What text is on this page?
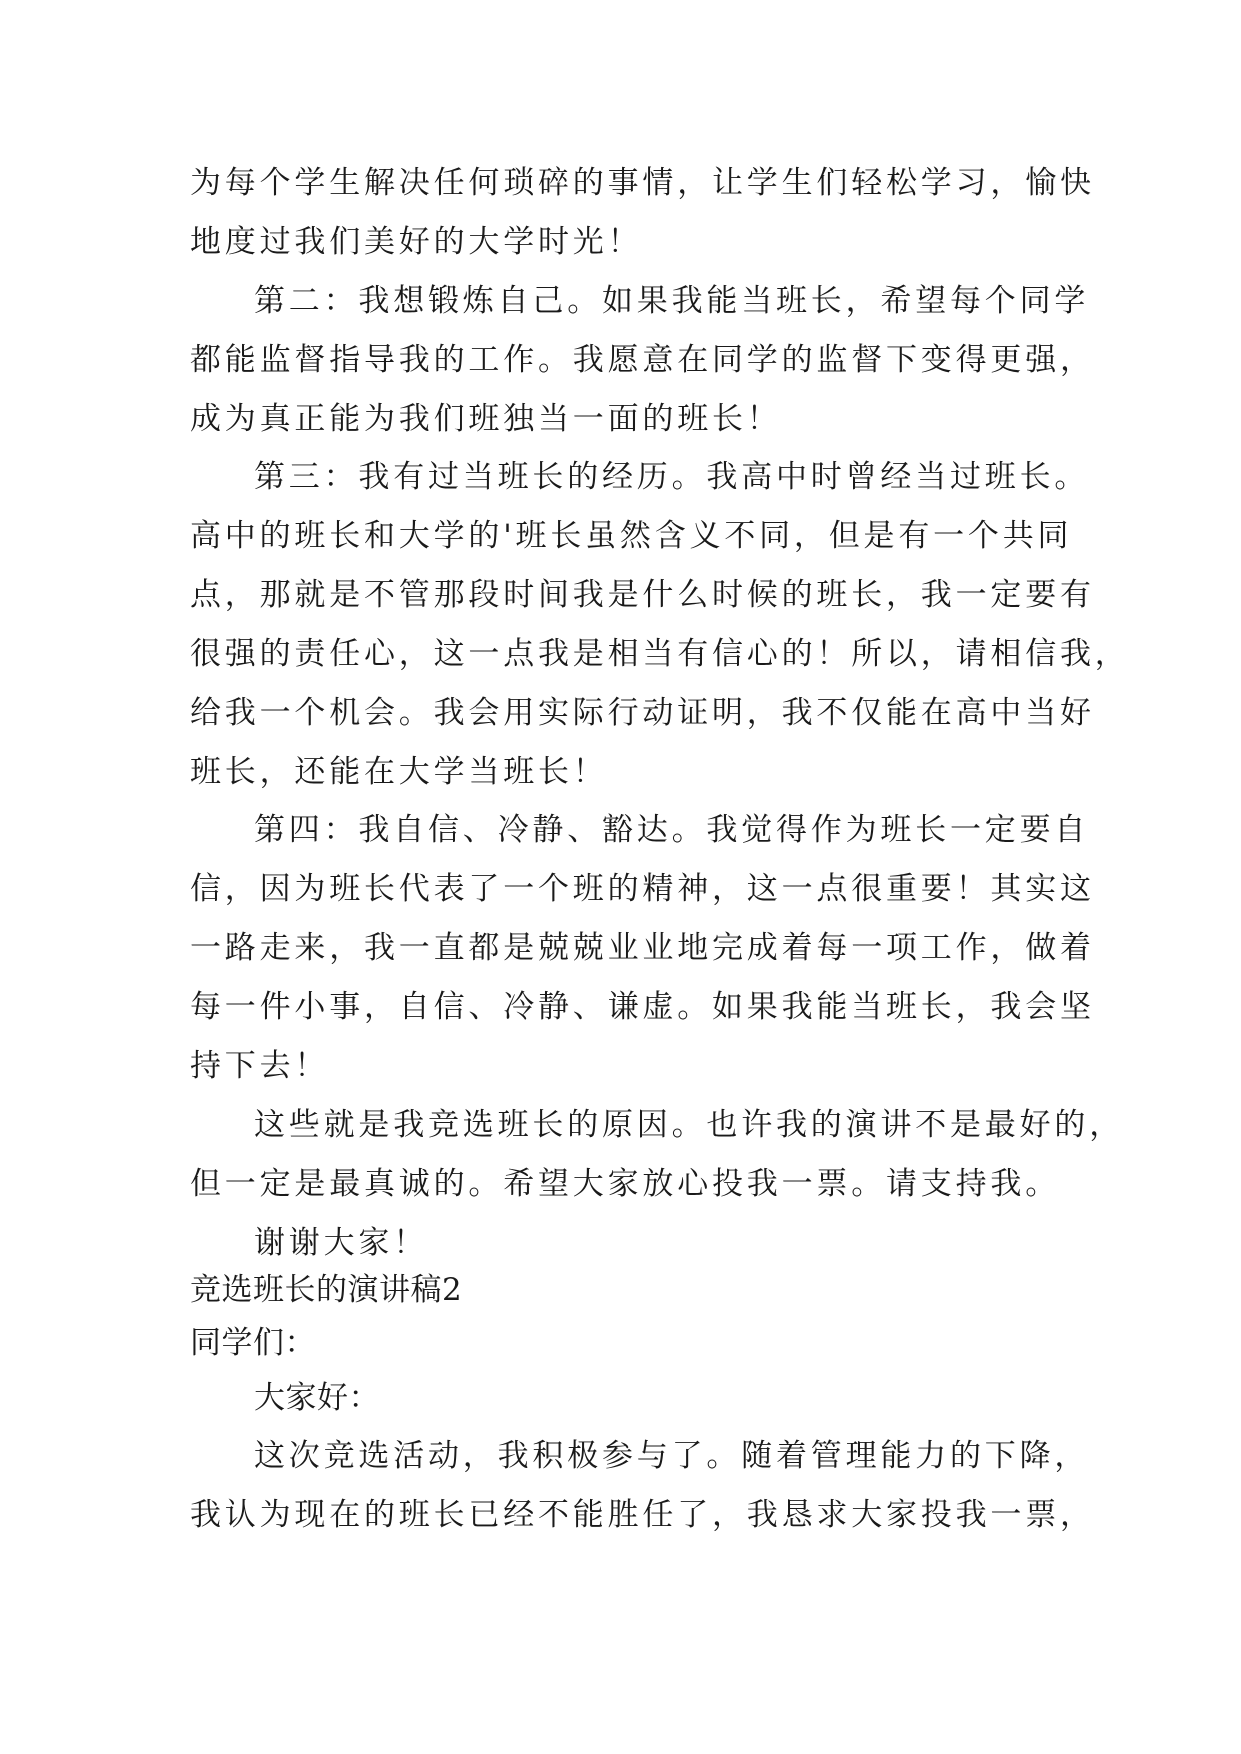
为每个学生解决任何琐碎的事情，让学生们轻松学习，愉快

地度过我们美好的大学时光！

第二：我想锻炼自己。如果我能当班长，希望每个同学

都能监督指导我的工作。我愿意在同学的监督下变得更强，

成为真正能为我们班独当一面的班长！

第三：我有过当班长的经历。我高中时曾经当过班长。

高中的班长和大学的'班长虽然含义不同，但是有一个共同

点，那就是不管那段时间我是什么时候的班长，我一定要有

很强的责任心，这一点我是相当有信心的！所以，请相信我，

给我一个机会。我会用实际行动证明，我不仅能在高中当好

班长，还能在大学当班长！

第四：我自信、冷静、豁达。我觉得作为班长一定要自

信，因为班长代表了一个班的精神，这一点很重要！其实这

一路走来，我一直都是兢兢业业地完成着每一项工作，做着

每一件小事，自信、冷静、谦虚。如果我能当班长，我会坚

持下去！

这些就是我竞选班长的原因。也许我的演讲不是最好的，

但一定是最真诚的。希望大家放心投我一票。请支持我。

谢谢大家！

竞选班长的演讲稿2

同学们：

大家好：

这次竞选活动，我积极参与了。随着管理能力的下降，

我认为现在的班长已经不能胜任了，我恳求大家投我一票，
